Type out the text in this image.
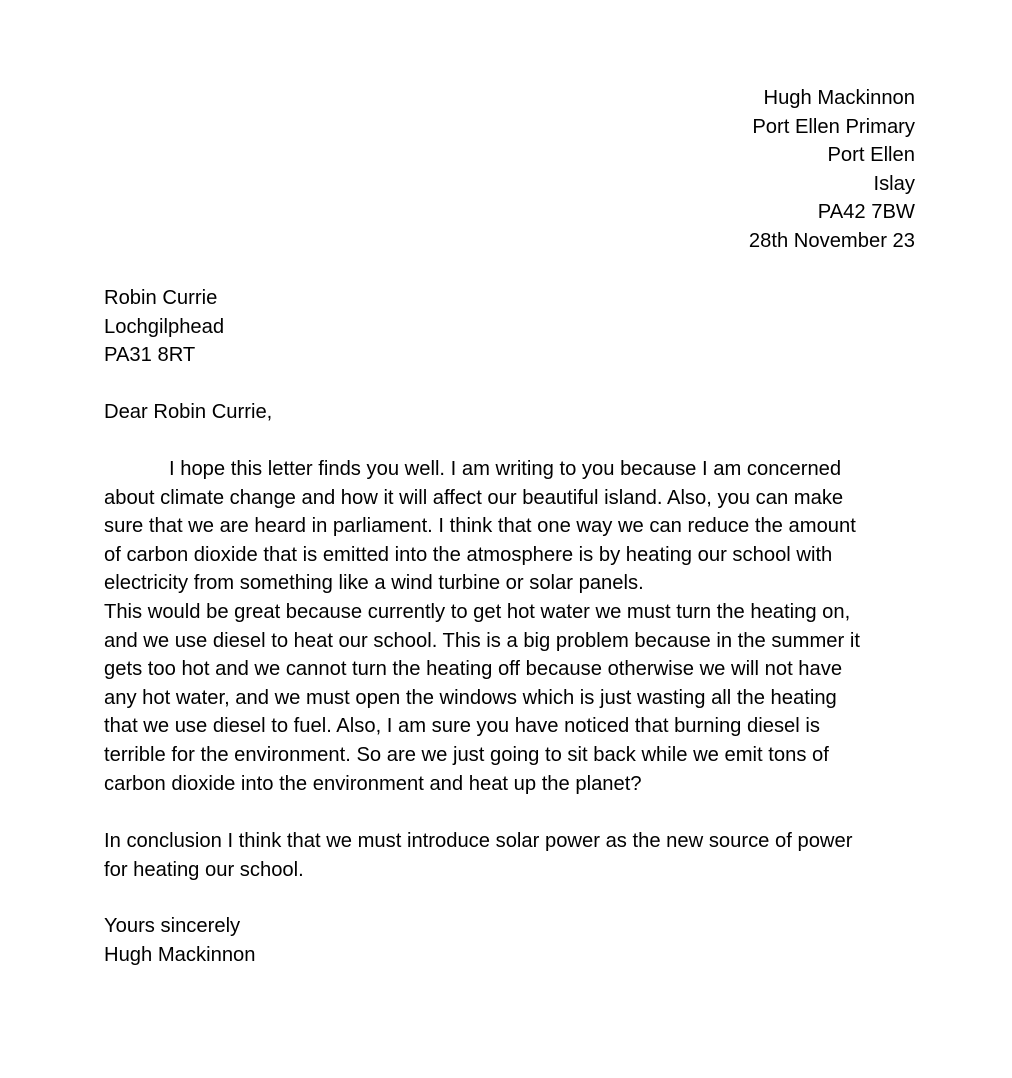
Hugh Mackinnon
Port Ellen Primary
Port Ellen
Islay
PA42 7BW
28th November 23
Robin Currie
Lochgilphead
PA31 8RT
Dear Robin Currie,
I hope this letter finds you well. I am writing to you because I am concerned
about climate change and how it will affect our beautiful island. Also, you can make
sure that we are heard in parliament. I think that one way we can reduce the amount
of carbon dioxide that is emitted into the atmosphere is by heating our school with
electricity from something like a wind turbine or solar panels.
This would be great because currently to get hot water we must turn the heating on,
and we use diesel to heat our school. This is a big problem because in the summer it
gets too hot and we cannot turn the heating off because otherwise we will not have
any hot water, and we must open the windows which is just wasting all the heating
that we use diesel to fuel. Also, I am sure you have noticed that burning diesel is
terrible for the environment. So are we just going to sit back while we emit tons of
carbon dioxide into the environment and heat up the planet?
In conclusion I think that we must introduce solar power as the new source of power
for heating our school.
Yours sincerely
Hugh Mackinnon
